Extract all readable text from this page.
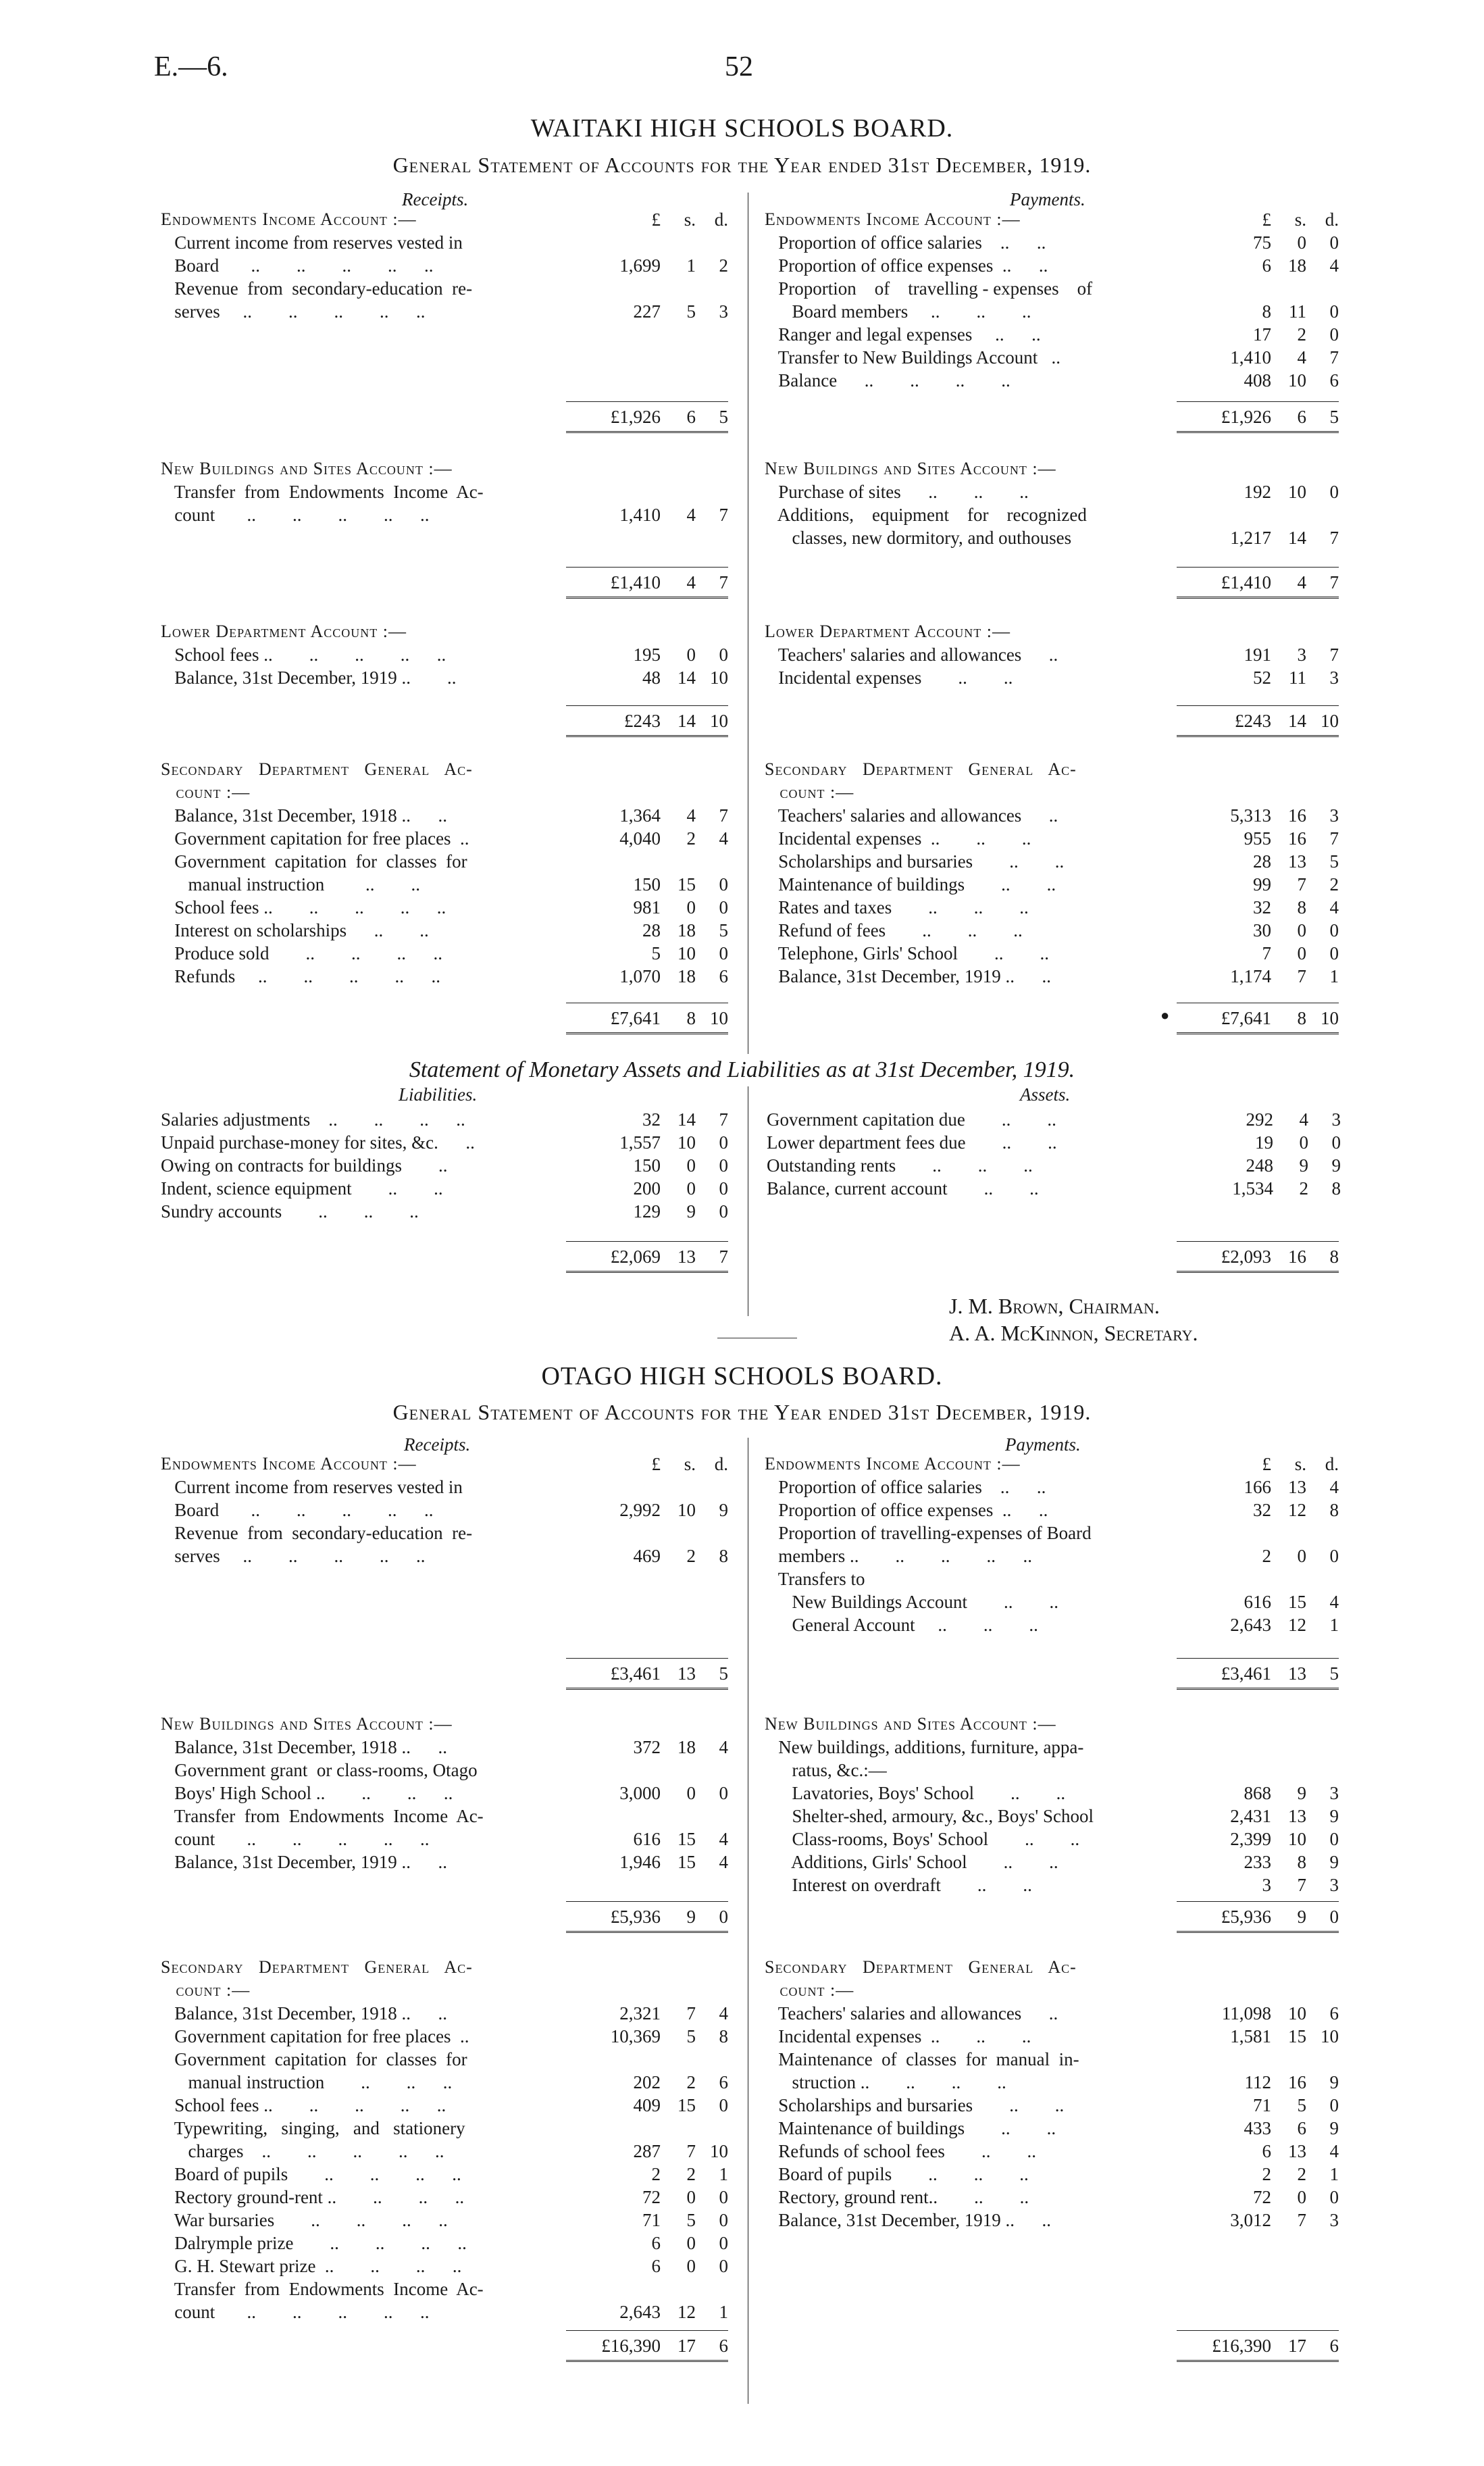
E.—6.	52
WAITAKI HIGH SCHOOLS BOARD.
General Statement of Accounts for the Year ended 31st December, 1919.
Receipts.	Payments.
Statement of Monetary Assets and Liabilities as at 31st December, 1919.
Liabilities.	Assets.
●
J. M. Brown, Chairman.
A. A. McKinnon, Secretary.
OTAGO HIGH SCHOOLS BOARD.
General Statement of Accounts for the Year ended 31st December, 1919.
Receipts.	Payments.
£	s.	d.
Endowments Income Account :—
Current income from reserves vested in
Board       ..        ..        ..        ..      ..	1,699	1	2
Revenue  from  secondary-education  re-
serves     ..        ..        ..        ..      ..	227	5	3
Endowments Income Account :—	£	s.	d.
Proportion of office salaries    ..      ..	75	0	0
Proportion of office expenses  ..      ..	6 18	4
Proportion    of    travelling - expenses    of
Board members     ..        ..        ..	8 11	0
Ranger and legal expenses     ..      ..	17	2	0
Transfer to New Buildings Account   ..	1,410	4	7
Balance      ..        ..        ..        ..	408 10	6
£1,926	6	5	£1,926	6	5
New Buildings and Sites Account :—
Transfer  from  Endowments  Income  Ac-
count       ..        ..        ..        ..      ..	1,410	4	7
New Buildings and Sites Account :—
Purchase of sites      ..        ..        ..	192 10	0
Additions,    equipment    for    recognized
classes, new dormitory, and outhouses	1,217 14	7
£1,410	4	7	£1,410	4	7
Lower Department Account :—
School fees ..        ..        ..        ..      ..	195	0	0
Balance, 31st December, 1919 ..        ..	48 14 10
Lower Department Account :—
Teachers' salaries and allowances      ..	191	3	7
Incidental expenses        ..        ..	52 11	3
£243 14 10	£243 14 10
Secondary   Department   General   Ac-
count :—
Balance, 31st December, 1918 ..      ..	1,364	4	7
Government capitation for free places  ..	4,040	2	4
Government  capitation  for  classes  for
manual instruction         ..        ..	150 15	0
School fees ..        ..        ..        ..      ..	981	0	0
Interest on scholarships      ..        ..	28 18	5
Produce sold        ..        ..        ..      ..	5 10	0
Refunds     ..        ..        ..        ..      ..	1,070 18	6
Secondary   Department   General   Ac-
count :—
Teachers' salaries and allowances      ..	5,313 16	3
Incidental expenses  ..        ..        ..	955 16	7
Scholarships and bursaries        ..        ..	28 13	5
Maintenance of buildings        ..        ..	99	7	2
Rates and taxes        ..        ..        ..	32	8	4
Refund of fees        ..        ..        ..	30	0	0
Telephone, Girls' School        ..        ..	7	0	0
Balance, 31st December, 1919 ..      ..	1,174	7	1
£7,641	8 10	£7,641	8 10
Salaries adjustments    ..        ..        ..      ..	32 14	7
Unpaid purchase-money for sites, &c.      ..	1,557 10	0
Owing on contracts for buildings        ..	150	0	0
Indent, science equipment        ..        ..	200	0	0
Sundry accounts        ..        ..        ..	129	9	0
Government capitation due        ..        ..	292	4	3
Lower department fees due        ..        ..	19	0	0
Outstanding rents        ..        ..        ..	248	9	9
Balance, current account        ..        ..	1,534	2	8
£2,069 13	7	£2,093 16	8
Endowments Income Account :—	£	s.	d.
Current income from reserves vested in
Board       ..        ..        ..        ..      ..	2,992 10	9
Revenue  from  secondary-education  re-
serves     ..        ..        ..        ..      ..	469	2	8
Endowments Income Account :—	£	s.	d.
Proportion of office salaries    ..      ..	166 13	4
Proportion of office expenses  ..      ..	32 12	8
Proportion of travelling-expenses of Board
members ..        ..        ..        ..      ..	2	0	0
Transfers to
New Buildings Account        ..        ..	616 15	4
General Account     ..        ..        ..	2,643 12	1
£3,461 13	5	£3,461 13	5
New Buildings and Sites Account :—
Balance, 31st December, 1918 ..      ..	372 18	4
Government grant  or class-rooms, Otago
Boys' High School ..        ..        ..      ..	3,000	0	0
Transfer  from  Endowments  Income  Ac-
count       ..        ..        ..        ..      ..	616 15	4
Balance, 31st December, 1919 ..      ..	1,946 15	4
New Buildings and Sites Account :—
New buildings, additions, furniture, appa-
ratus, &c.:—
Lavatories, Boys' School        ..        ..	868	9	3
Shelter-shed, armoury, &c., Boys' School	2,431 13	9
Class-rooms, Boys' School        ..        ..	2,399 10	0
Additions, Girls' School        ..        ..	233	8	9
Interest on overdraft        ..        ..	3	7	3
£5,936	9	0	£5,936	9	0
Secondary   Department   General   Ac-
count :—
Balance, 31st December, 1918 ..      ..	2,321	7	4
Government capitation for free places  ..	10,369	5	8
Government  capitation  for  classes  for
manual instruction        ..        ..      ..	202	2	6
School fees ..        ..        ..        ..      ..	409 15	0
Typewriting,   singing,   and   stationery
charges    ..        ..        ..        ..      ..	287	7 10
Board of pupils        ..        ..        ..      ..	2	2	1
Rectory ground-rent ..        ..        ..      ..	72	0	0
War bursaries        ..        ..        ..      ..	71	5	0
Dalrymple prize        ..        ..        ..      ..	6	0	0
G. H. Stewart prize  ..        ..        ..      ..	6	0	0
Transfer  from  Endowments  Income  Ac-
count       ..        ..        ..        ..      ..	2,643 12	1
Secondary   Department   General   Ac-
count :—
Teachers' salaries and allowances      ..	11,098 10	6
Incidental expenses  ..        ..        ..	1,581 15 10
Maintenance  of  classes  for  manual  in-
struction ..        ..        ..        ..	112 16	9
Scholarships and bursaries        ..        ..	71	5	0
Maintenance of buildings        ..        ..	433	6	9
Refunds of school fees        ..        ..	6 13	4
Board of pupils        ..        ..        ..	2	2	1
Rectory, ground rent..        ..        ..	72	0	0
Balance, 31st December, 1919 ..      ..	3,012	7	3
£16,390 17	6	£16,390 17	6
